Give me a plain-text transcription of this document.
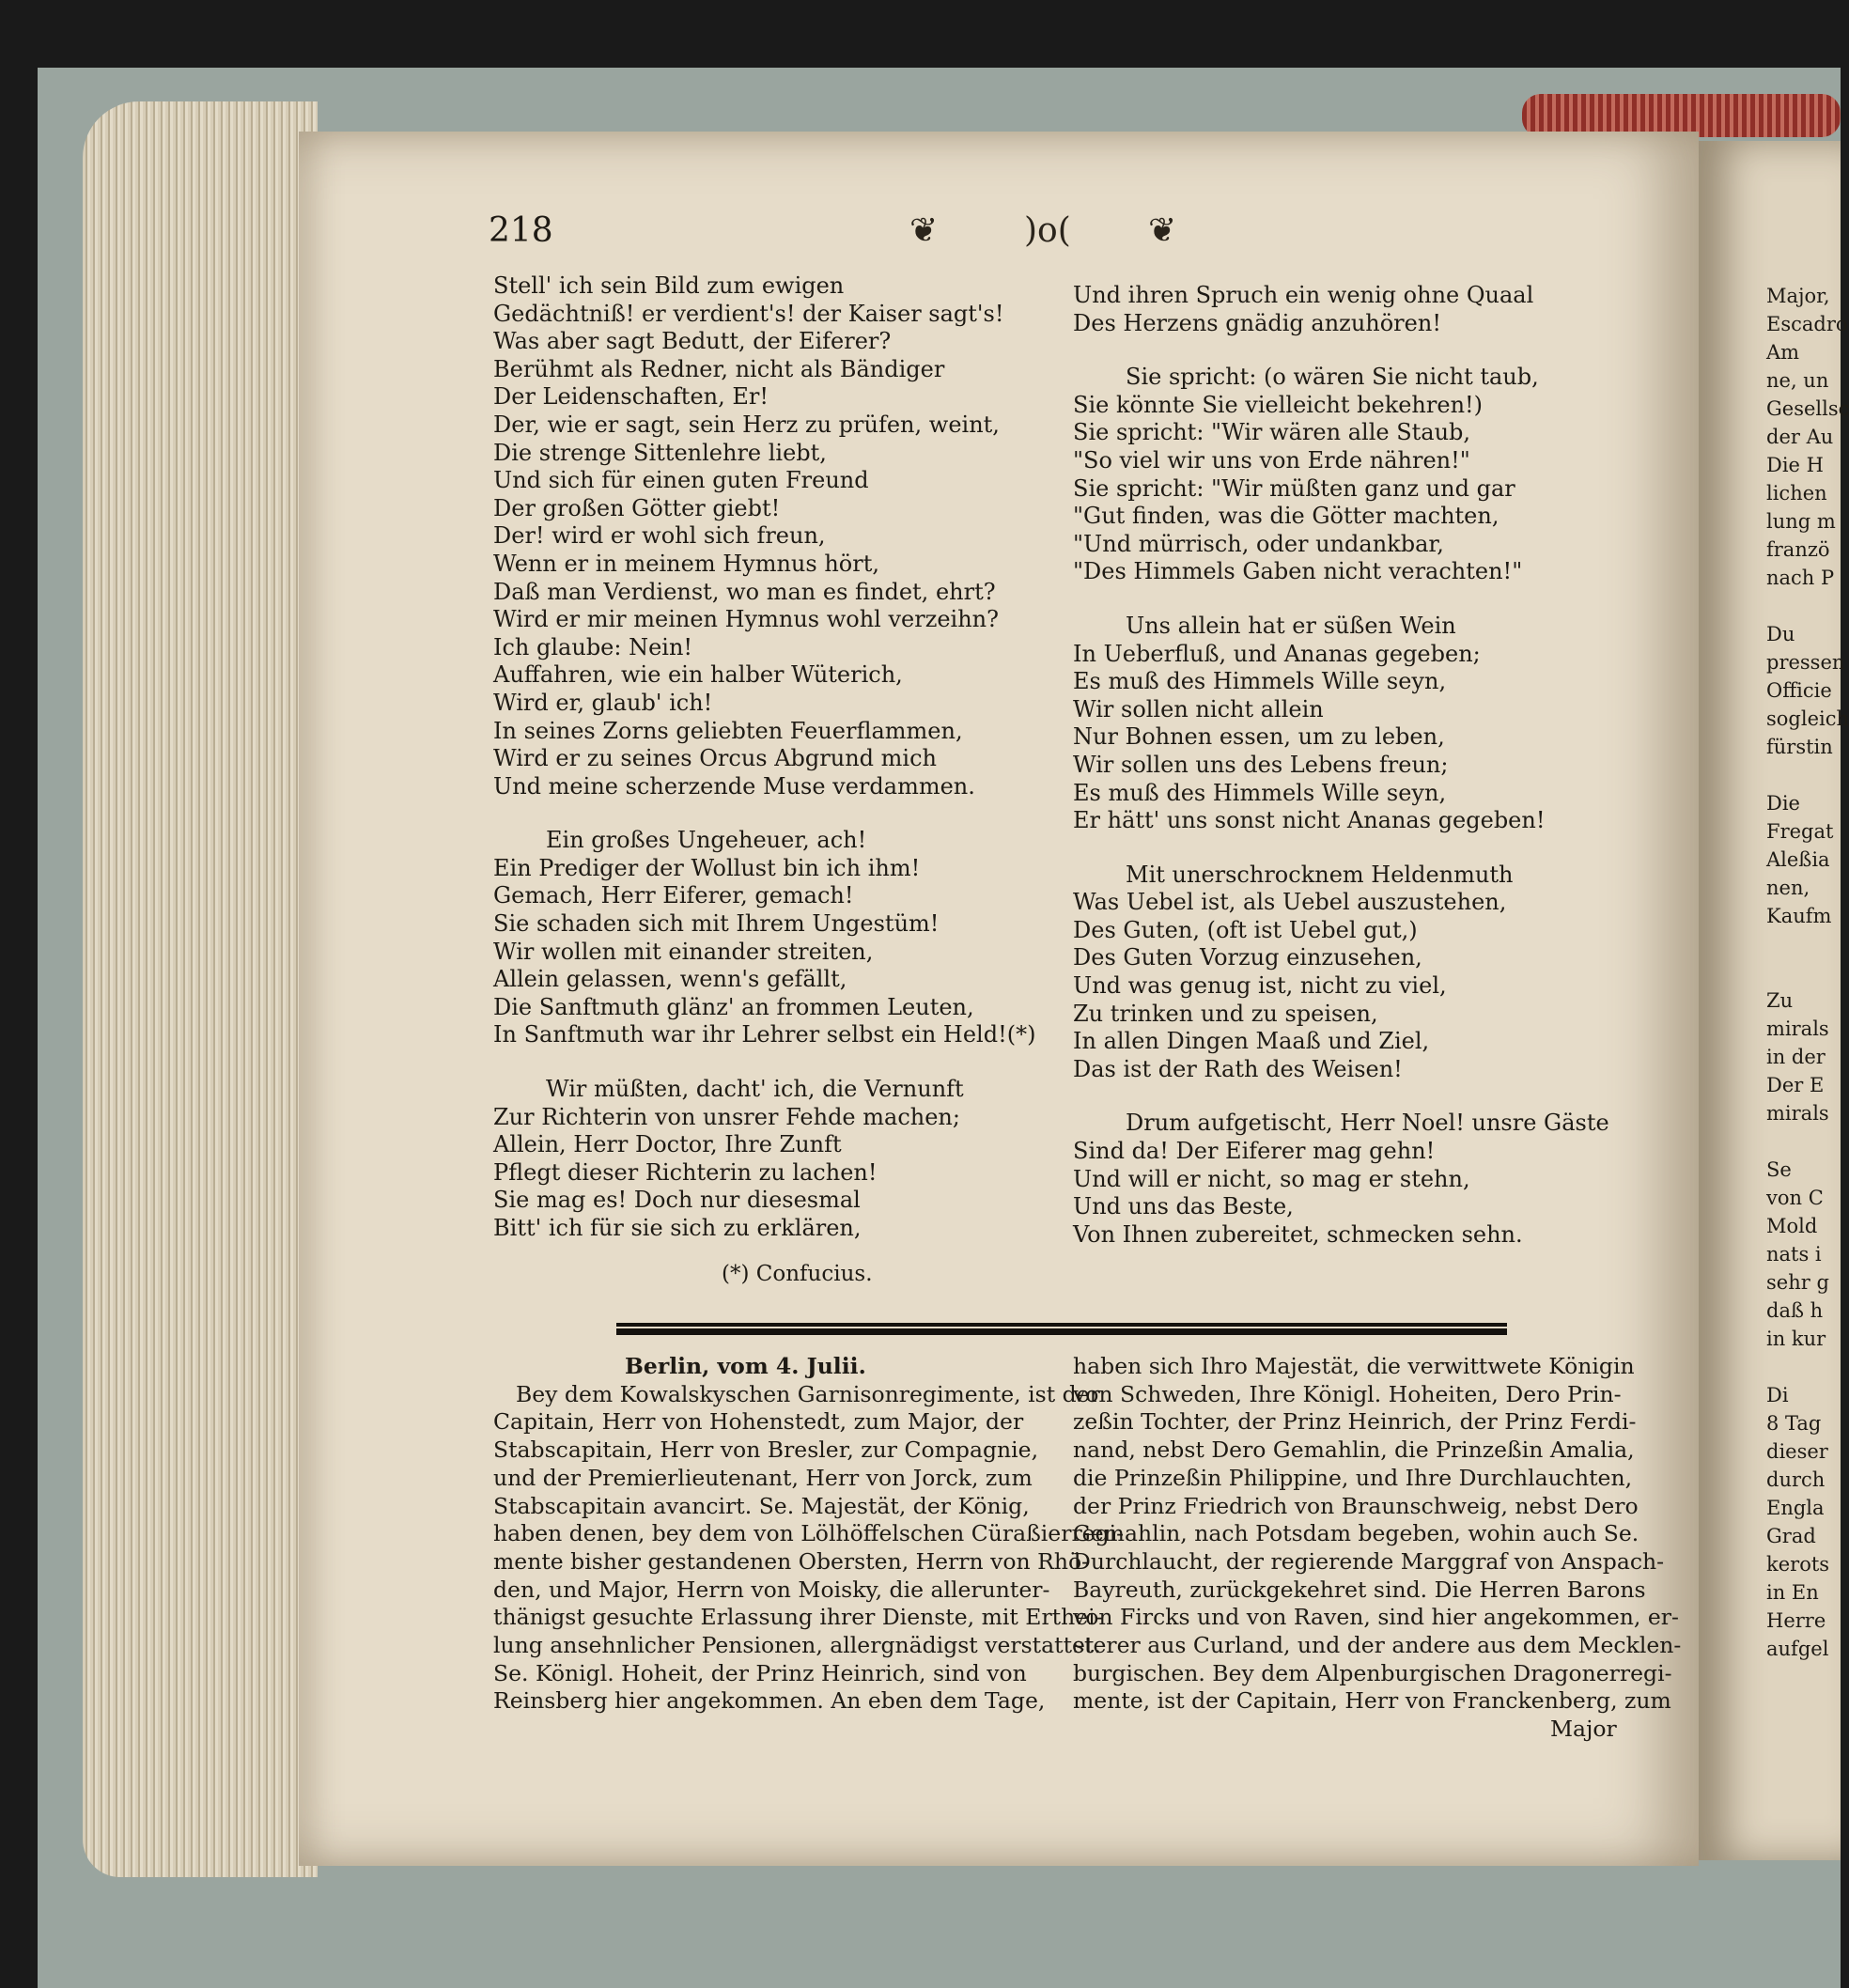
218	❦	)o( ❦

Stell' ich sein Bild zum ewigen

Gedächtniß! er verdient's! der Kaiser sagt's!

Was aber sagt Bedutt, der Eiferer?

Berühmt als Redner, nicht als Bändiger

Der Leidenschaften, Er!

Der, wie er sagt, sein Herz zu prüfen, weint,

Die strenge Sittenlehre liebt,

Und sich für einen guten Freund

Der großen Götter giebt!

Der! wird er wohl sich freun,

Wenn er in meinem Hymnus hört,

Daß man Verdienst, wo man es findet, ehrt?

Wird er mir meinen Hymnus wohl verzeihn?

Ich glaube: Nein!

Auffahren, wie ein halber Wüterich,

Wird er, glaub' ich!

In seines Zorns geliebten Feuerflammen,

Wird er zu seines Orcus Abgrund mich

Und meine scherzende Muse verdammen.

Ein großes Ungeheuer, ach!

Ein Prediger der Wollust bin ich ihm!

Gemach, Herr Eiferer, gemach!

Sie schaden sich mit Ihrem Ungestüm!

Wir wollen mit einander streiten,

Allein gelassen, wenn's gefällt,

Die Sanftmuth glänz' an frommen Leuten,

In Sanftmuth war ihr Lehrer selbst ein Held!(*)

Wir müßten, dacht' ich, die Vernunft

Zur Richterin von unsrer Fehde machen;

Allein, Herr Doctor, Ihre Zunft

Pflegt dieser Richterin zu lachen!

Sie mag es! Doch nur diesesmal

Bitt' ich für sie sich zu erklären,

Und ihren Spruch ein wenig ohne Quaal

Des Herzens gnädig anzuhören!

Sie spricht: (o wären Sie nicht taub,

Sie könnte Sie vielleicht bekehren!)

Sie spricht: "Wir wären alle Staub,

"So viel wir uns von Erde nähren!"

Sie spricht: "Wir müßten ganz und gar

"Gut finden, was die Götter machten,

"Und mürrisch, oder undankbar,

"Des Himmels Gaben nicht verachten!"

Uns allein hat er süßen Wein

In Ueberfluß, und Ananas gegeben;

Es muß des Himmels Wille seyn,

Wir sollen nicht allein

Nur Bohnen essen, um zu leben,

Wir sollen uns des Lebens freun;

Es muß des Himmels Wille seyn,

Er hätt' uns sonst nicht Ananas gegeben!

Mit unerschrocknem Heldenmuth

Was Uebel ist, als Uebel auszustehen,

Des Guten, (oft ist Uebel gut,)

Des Guten Vorzug einzusehen,

Und was genug ist, nicht zu viel,

Zu trinken und zu speisen,

In allen Dingen Maaß und Ziel,

Das ist der Rath des Weisen!

Drum aufgetischt, Herr Noel! unsre Gäste

Sind da! Der Eiferer mag gehn!

Und will er nicht, so mag er stehn,

Und uns das Beste,

Von Ihnen zubereitet, schmecken sehn.

(*) Confucius.

Berlin, vom 4. Julii.

Bey dem Kowalskyschen Garnisonregimente, ist der

Capitain, Herr von Hohenstedt, zum Major, der

Stabscapitain, Herr von Bresler, zur Compagnie,

und der Premierlieutenant, Herr von Jorck, zum

Stabscapitain avancirt. Se. Majestät, der König,

haben denen, bey dem von Lölhöffelschen Cüraßierregi-

mente bisher gestandenen Obersten, Herrn von Rhö-

den, und Major, Herrn von Moisky, die allerunter-

thänigst gesuchte Erlassung ihrer Dienste, mit Erthei-

lung ansehnlicher Pensionen, allergnädigst verstattet.

Se. Königl. Hoheit, der Prinz Heinrich, sind von

Reinsberg hier angekommen. An eben dem Tage,

haben sich Ihro Majestät, die verwittwete Königin

von Schweden, Ihre Königl. Hoheiten, Dero Prin-

zeßin Tochter, der Prinz Heinrich, der Prinz Ferdi-

nand, nebst Dero Gemahlin, die Prinzeßin Amalia,

die Prinzeßin Philippine, und Ihre Durchlauchten,

der Prinz Friedrich von Braunschweig, nebst Dero

Gemahlin, nach Potsdam begeben, wohin auch Se.

Durchlaucht, der regierende Marggraf von Anspach-

Bayreuth, zurückgekehret sind. Die Herren Barons

von Fircks und von Raven, sind hier angekommen, er-

sterer aus Curland, und der andere aus dem Mecklen-

burgischen. Bey dem Alpenburgischen Dragonerregi-

mente, ist der Capitain, Herr von Franckenberg, zum

Major

Major,

Escadro

Am

ne, un

Gesellsc

der Au

Die H

lichen

lung m

franzö

nach P

Du

pressen

Officie

sogleich

fürstin

Die

Fregat

Aleßia

nen,

Kaufm

Zu

mirals

in der

Der E

mirals

Se

von C

Mold

nats i

sehr g

daß h

in kur

Di

8 Tag

dieser

durch

Engla

Grad

kerots

in En

Herre

aufgel
